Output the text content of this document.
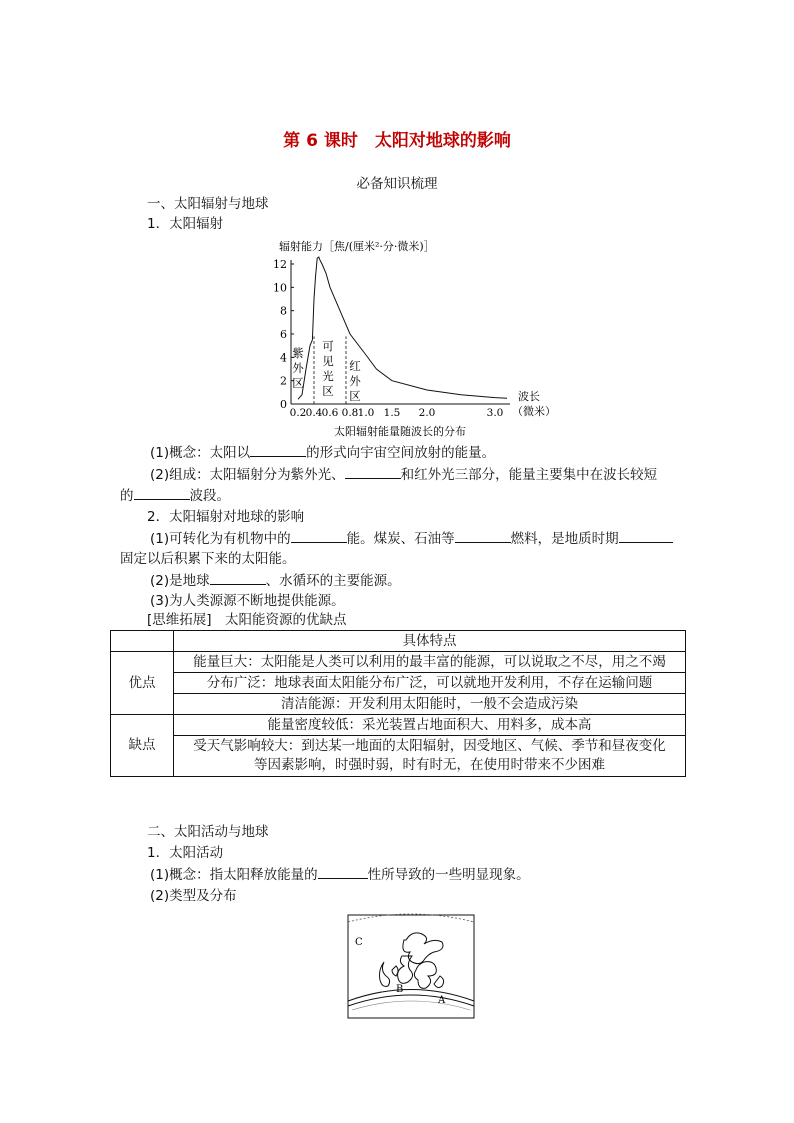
第 6 课时　太阳对地球的影响
必备知识梳理
一、太阳辐射与地球
1．太阳辐射
辐射能力［焦/(厘米²·分·微米)］
12
10
8
6
4
2
0
0.2 0.4 0.6 0.8 1.0 1.5 2.0	3.0
紫
外
区
可
见
光
区
红
外
区	波长
（微米）
太阳辐射能量随波长的分布
(1)概念：太阳以	的形式向宇宙空间放射的能量。
(2)组成：太阳辐射分为紫外光、	和红外光三部分，能量主要集中在波长较短
的	波段。
2．太阳辐射对地球的影响
(1)可转化为有机物中的	能。煤炭、石油等	燃料，是地质时期
固定以后积累下来的太阳能。
(2)是地球	、水循环的主要能源。
(3)为人类源源不断地提供能源。
[思维拓展]　太阳能资源的优缺点
	具体特点
优点	能量巨大：太阳能是人类可以利用的最丰富的能源，可以说取之不尽，用之不竭
	分布广泛：地球表面太阳能分布广泛，可以就地开发利用，不存在运输问题
	清洁能源：开发利用太阳能时，一般不会造成污染
缺点	能量密度较低：采光装置占地面积大、用料多，成本高

	受天气影响较大：到达某一地面的太阳辐射，因受地区、气候、季节和昼夜变化
等因素影响，时强时弱，时有时无，在使用时带来不少困难
二、太阳活动与地球
1．太阳活动
(1)概念：指太阳释放能量的	性所导致的一些明显现象。
(2)类型及分布
C
B
A
